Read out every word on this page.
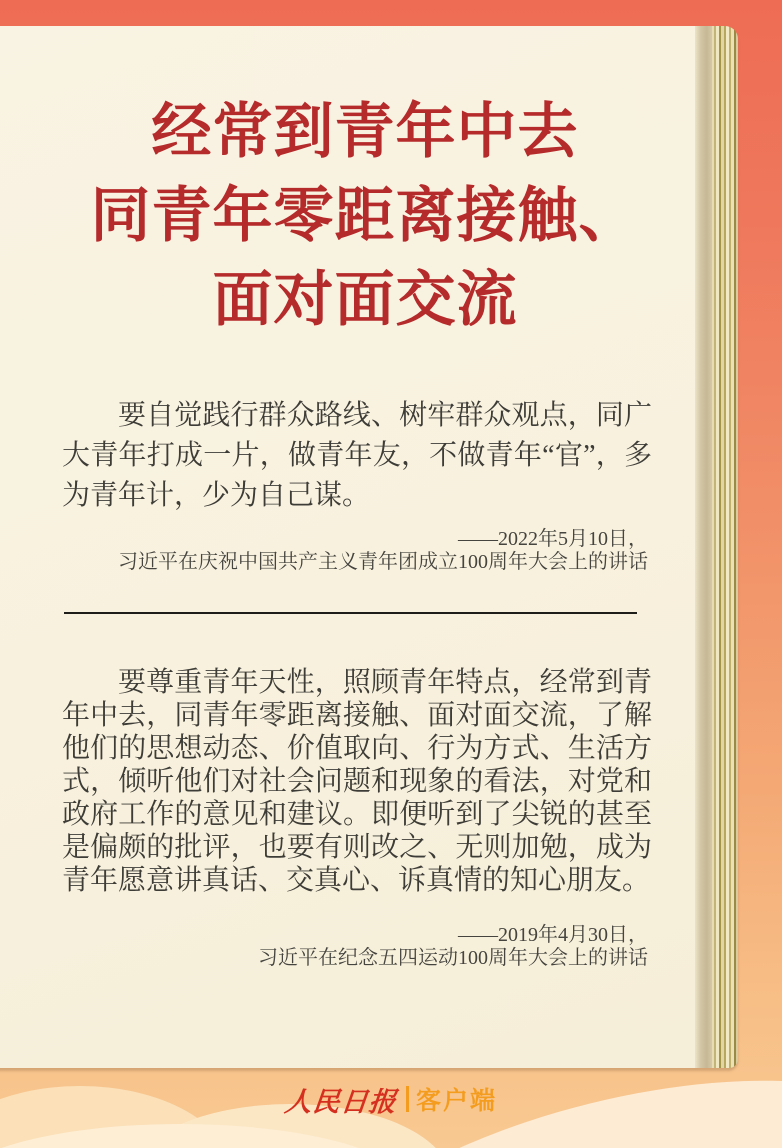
经常到青年中去
同青年零距离接触、
面对面交流

要自觉践行群众路线、树牢群众观点，同广大青年打成一片，做青年友，不做青年“官”，多为青年计，少为自己谋。

——2022年5月10日，
习近平在庆祝中国共产主义青年团成立100周年大会上的讲话

要尊重青年天性，照顾青年特点，经常到青年中去，同青年零距离接触、面对面交流，了解他们的思想动态、价值取向、行为方式、生活方式，倾听他们对社会问题和现象的看法，对党和政府工作的意见和建议。即便听到了尖锐的甚至是偏颇的批评，也要有则改之、无则加勉，成为青年愿意讲真话、交真心、诉真情的知心朋友。

——2019年4月30日，
习近平在纪念五四运动100周年大会上的讲话
人民日报 客户端
